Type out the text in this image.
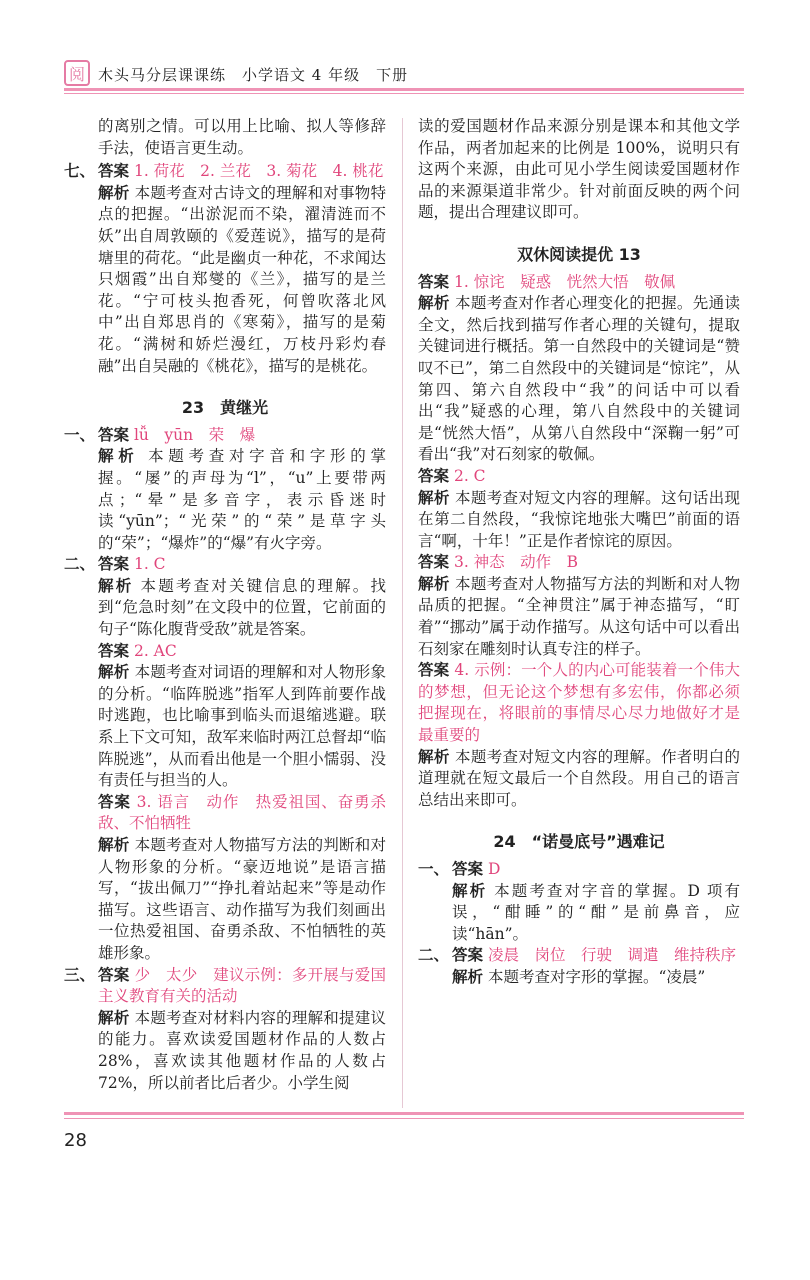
阅 木头马分层课课练　小学语文 4 年级　下册

的离别之情。可以用上比喻、拟人等修辞手法，使语言更生动。

七、 答案 1. 荷花　2. 兰花　3. 菊花　4. 桃花

解析 本题考查对古诗文的理解和对事物特点的把握。“出淤泥而不染，濯清涟而不妖”出自周敦颐的《爱莲说》，描写的是荷塘里的荷花。“此是幽贞一种花，不求闻达只烟霞”出自郑燮的《兰》，描写的是兰花。“宁可枝头抱香死，何曾吹落北风中”出自郑思肖的《寒菊》，描写的是菊花。“满树和娇烂漫红，万枝丹彩灼春融”出自吴融的《桃花》，描写的是桃花。

23　黄继光
一、 答案 lǚ　yūn　荣　爆

解析 本题考查对字音和字形的掌握。“屡”的声母为“l”，“u”上要带两点；“晕”是多音字，表示昏迷时读“yūn”；“光荣”的“荣”是草字头的“荣”；“爆炸”的“爆”有火字旁。

二、 答案 1. C

解析 本题考查对关键信息的理解。找到“危急时刻”在文段中的位置，它前面的句子“陈化腹背受敌”就是答案。

答案 2. AC

解析 本题考查对词语的理解和对人物形象的分析。“临阵脱逃”指军人到阵前要作战时逃跑，也比喻事到临头而退缩逃避。联系上下文可知，敌军来临时两江总督却“临阵脱逃”，从而看出他是一个胆小懦弱、没有责任与担当的人。

答案 3. 语言　动作　热爱祖国、奋勇杀敌、不怕牺牲

解析 本题考查对人物描写方法的判断和对人物形象的分析。“豪迈地说”是语言描写，“拔出佩刀”“挣扎着站起来”等是动作描写。这些语言、动作描写为我们刻画出一位热爱祖国、奋勇杀敌、不怕牺牲的英雄形象。

三、 答案 少　太少　建议示例：多开展与爱国主义教育有关的活动

解析 本题考查对材料内容的理解和提建议的能力。喜欢读爱国题材作品的人数占 28%，喜欢读其他题材作品的人数占 72%，所以前者比后者少。小学生阅

读的爱国题材作品来源分别是课本和其他文学作品，两者加起来的比例是 100%，说明只有这两个来源，由此可见小学生阅读爱国题材作品的来源渠道非常少。针对前面反映的两个问题，提出合理建议即可。

双休阅读提优 13

答案 1. 惊诧　疑惑　恍然大悟　敬佩

解析 本题考查对作者心理变化的把握。先通读全文，然后找到描写作者心理的关键句，提取关键词进行概括。第一自然段中的关键词是“赞叹不已”，第二自然段中的关键词是“惊诧”，从第四、第六自然段中“我”的问话中可以看出“我”疑惑的心理，第八自然段中的关键词是“恍然大悟”，从第八自然段中“深鞠一躬”可看出“我”对石刻家的敬佩。

答案 2. C

解析 本题考查对短文内容的理解。这句话出现在第二自然段，“我惊诧地张大嘴巴”前面的语言“啊，十年！”正是作者惊诧的原因。

答案 3. 神态　动作　B

解析 本题考查对人物描写方法的判断和对人物品质的把握。“全神贯注”属于神态描写，“盯着”“挪动”属于动作描写。从这句话中可以看出石刻家在雕刻时认真专注的样子。

答案 4. 示例：一个人的内心可能装着一个伟大的梦想，但无论这个梦想有多宏伟，你都必须把握现在，将眼前的事情尽心尽力地做好才是最重要的

解析 本题考查对短文内容的理解。作者明白的道理就在短文最后一个自然段。用自己的语言总结出来即可。

24　“诺曼底号”遇难记
一、 答案 D

解析 本题考查对字音的掌握。D 项有误，“酣睡”的“酣”是前鼻音，应读“hān”。

二、 答案 凌晨　岗位　行驶　调遣　维持秩序

解析 本题考查对字形的掌握。“凌晨”

28
